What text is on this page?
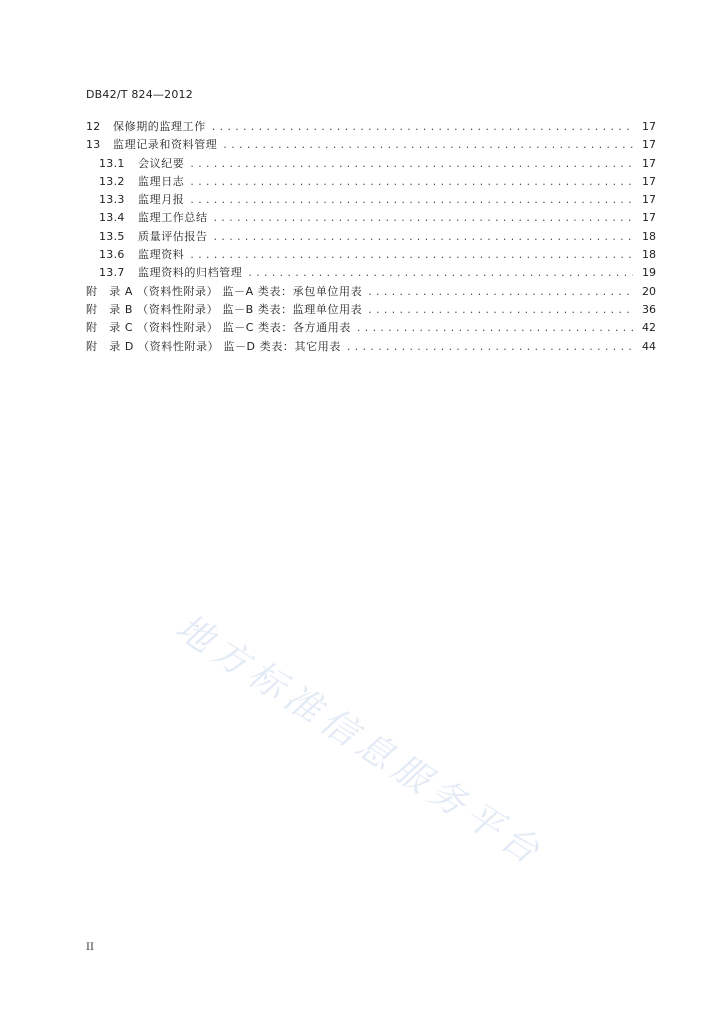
DB42/T 824—2012
12	保修期的监理工作 .....	17
13	监理记录和资料管理 .....	17
13.1	会议纪要 .....	17
13.2	监理日志 .....	17
13.3	监理月报 .....	17
13.4	监理工作总结 .....	17
13.5	质量评估报告 .....	18
13.6	监理资料 .....	18
13.7	监理资料的归档管理 .....	19
附　录 A （资料性附录） 监－A 类表：承包单位用表 .....	20
附　录 B （资料性附录） 监－B 类表：监理单位用表 .....	36
附　录 C （资料性附录） 监－C 类表：各方通用表 .....	42
附　录 D （资料性附录） 监－D 类表：其它用表 .....	44
地方标准信息服务平台
II
